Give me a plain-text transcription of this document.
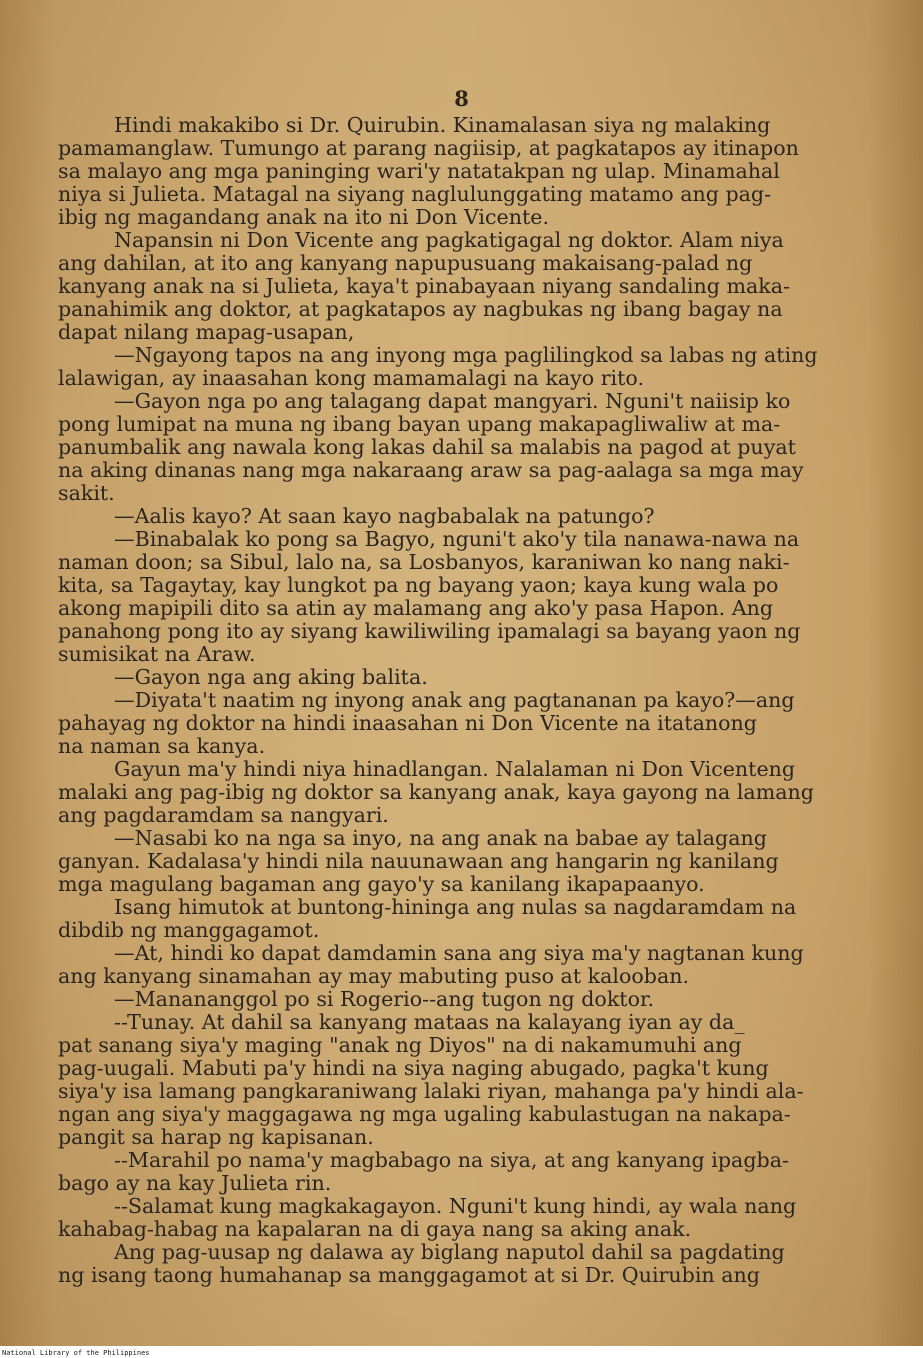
8
Hindi makakibo si Dr. Quirubin. Kinamalasan siya ng malaking
pamamanglaw. Tumungo at parang nagiisip, at pagkatapos ay itinapon
sa malayo ang mga paninging wari'y natatakpan ng ulap. Minamahal
niya si Julieta. Matagal na siyang naglulunggating matamo ang pag-
ibig ng magandang anak na ito ni Don Vicente.
Napansin ni Don Vicente ang pagkatigagal ng doktor. Alam niya
ang dahilan, at ito ang kanyang napupusuang makaisang-palad ng
kanyang anak na si Julieta, kaya't pinabayaan niyang sandaling maka-
panahimik ang doktor, at pagkatapos ay nagbukas ng ibang bagay na
dapat nilang mapag-usapan,
—Ngayong tapos na ang inyong mga paglilingkod sa labas ng ating
lalawigan, ay inaasahan kong mamamalagi na kayo rito.
—Gayon nga po ang talagang dapat mangyari. Nguni't naiisip ko
pong lumipat na muna ng ibang bayan upang makapagliwaliw at ma-
panumbalik ang nawala kong lakas dahil sa malabis na pagod at puyat
na aking dinanas nang mga nakaraang araw sa pag-aalaga sa mga may
sakit.
—Aalis kayo? At saan kayo nagbabalak na patungo?
—Binabalak ko pong sa Bagyo, nguni't ako'y tila nanawa-nawa na
naman doon; sa Sibul, lalo na, sa Losbanyos, karaniwan ko nang naki-
kita, sa Tagaytay, kay lungkot pa ng bayang yaon; kaya kung wala po
akong mapipili dito sa atin ay malamang ang ako'y pasa Hapon. Ang
panahong pong ito ay siyang kawiliwiling ipamalagi sa bayang yaon ng
sumisikat na Araw.
—Gayon nga ang aking balita.
—Diyata't naatim ng inyong anak ang pagtananan pa kayo?—ang
pahayag ng doktor na hindi inaasahan ni Don Vicente na itatanong
na naman sa kanya.
Gayun ma'y hindi niya hinadlangan. Nalalaman ni Don Vicenteng
malaki ang pag-ibig ng doktor sa kanyang anak, kaya gayong na lamang
ang pagdaramdam sa nangyari.
—Nasabi ko na nga sa inyo, na ang anak na babae ay talagang
ganyan. Kadalasa'y hindi nila nauunawaan ang hangarin ng kanilang
mga magulang bagaman ang gayo'y sa kanilang ikapapaanyo.
Isang himutok at buntong-hininga ang nulas sa nagdaramdam na
dibdib ng manggagamot.
—At, hindi ko dapat damdamin sana ang siya ma'y nagtanan kung
ang kanyang sinamahan ay may mabuting puso at kalooban.
—Manananggol po si Rogerio--ang tugon ng doktor.
--Tunay. At dahil sa kanyang mataas na kalayang iyan ay da_
pat sanang siya'y maging "anak ng Diyos" na di nakamumuhi ang
pag-uugali. Mabuti pa'y hindi na siya naging abugado, pagka't kung
siya'y isa lamang pangkaraniwang lalaki riyan, mahanga pa'y hindi ala-
ngan ang siya'y maggagawa ng mga ugaling kabulastugan na nakapa-
pangit sa harap ng kapisanan.
--Marahil po nama'y magbabago na siya, at ang kanyang ipagba-
bago ay na kay Julieta rin.
--Salamat kung magkakagayon. Nguni't kung hindi, ay wala nang
kahabag-habag na kapalaran na di gaya nang sa aking anak.
Ang pag-uusap ng dalawa ay biglang naputol dahil sa pagdating
ng isang taong humahanap sa manggagamot at si Dr. Quirubin ang
National Library of the Philippines
